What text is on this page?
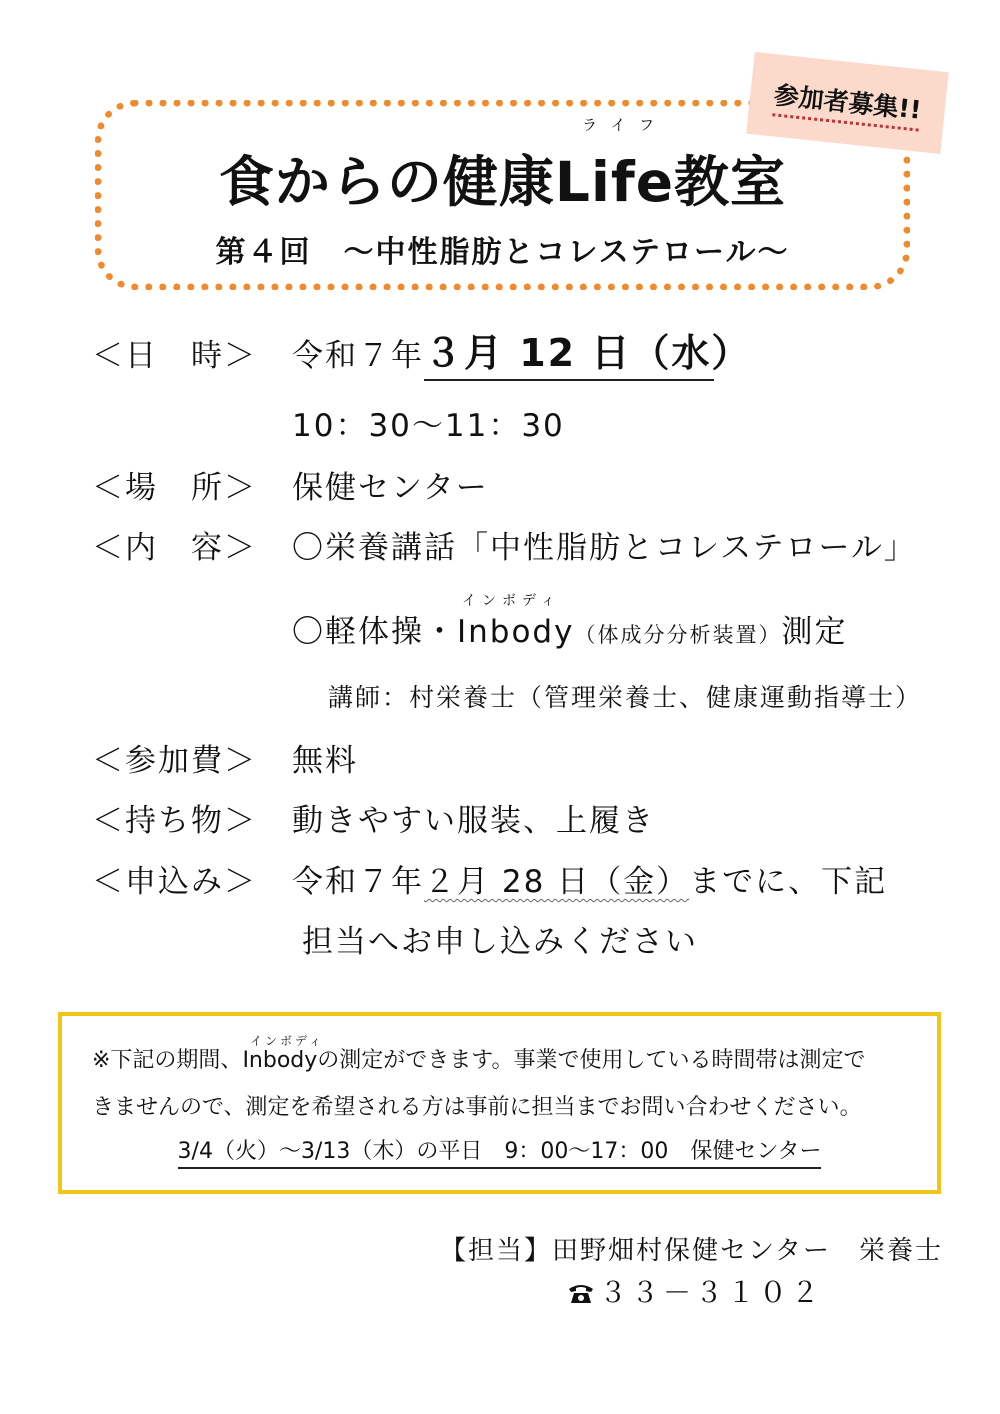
参加者募集!!
ライフ
食からの健康Life教室
第４回　～中性脂肪とコレステロール～
＜日　時＞ 令和７年３月 12 日（水）
10：30～11：30
＜場　所＞ 保健センター
＜内　容＞ 〇栄養講話「中性脂肪とコレステロール」
インボディ
〇軽体操・Inbody（体成分分析装置）測定
講師：村栄養士（管理栄養士、健康運動指導士）
＜参加費＞ 無料
＜持ち物＞ 動きやすい服装、上履き
＜申込み＞ 令和７年２月 28 日（金）までに、下記
担当へお申し込みください
インボディ
※下記の期間、Inbodyの測定ができます。事業で使用している時間帯は測定で
きませんので、測定を希望される方は事前に担当までお問い合わせください。
3/4（火）～3/13（木）の平日　9：00～17：00　保健センター
【担当】田野畑村保健センター　栄養士
３３－３１０２
